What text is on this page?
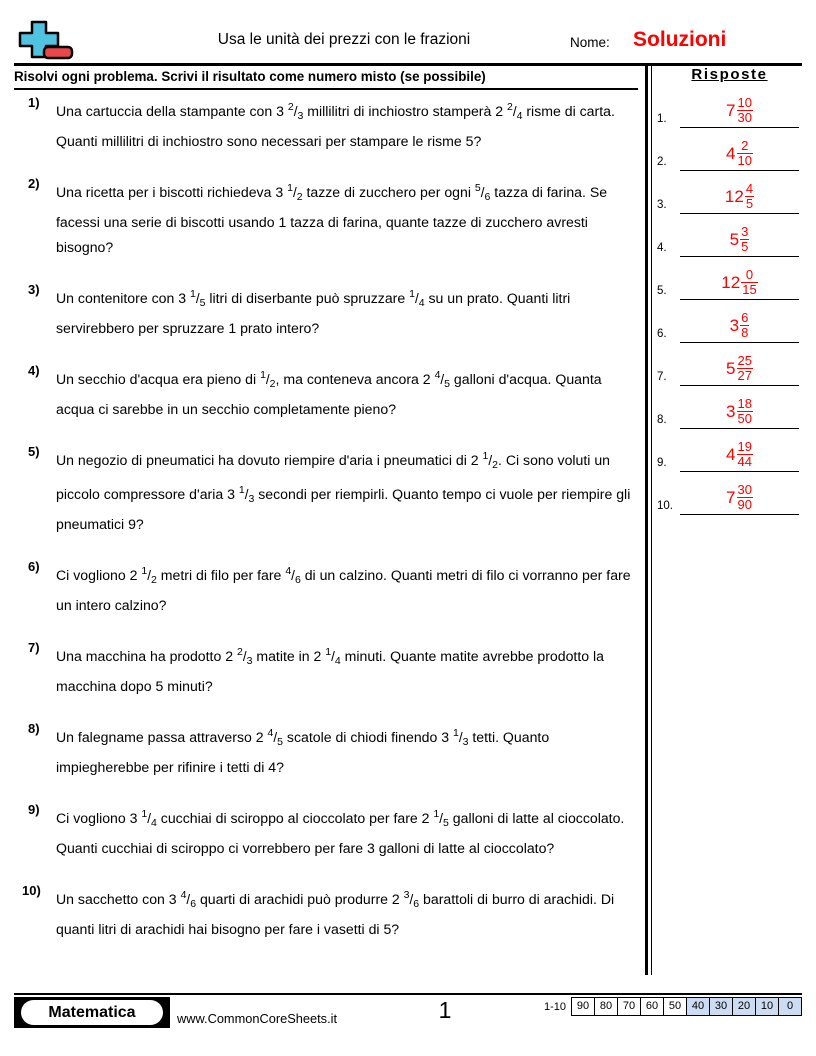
Usa le unità dei prezzi con le frazioni	Nome: Soluzioni
Risolvi ogni problema. Scrivi il risultato come numero misto (se possibile)
1)
Una cartuccia della stampante con 3 $^2/_3$ millilitri di inchiostro stamperà 2 $^2/_4$ risme di carta. Quanti millilitri di inchiostro sono necessari per stampare le risme 5?
2)
Una ricetta per i biscotti richiedeva 3 $^1/_2$ tazze di zucchero per ogni $^5/_6$ tazza di farina. Se facessi una serie di biscotti usando 1 tazza di farina, quante tazze di zucchero avresti bisogno?
3)
Un contenitore con 3 $^1/_5$ litri di diserbante può spruzzare $^1/_4$ su un prato. Quanti litri servirebbero per spruzzare 1 prato intero?
4)
Un secchio d'acqua era pieno di $^1/_2$, ma conteneva ancora 2 $^4/_5$ galloni d'acqua. Quanta acqua ci sarebbe in un secchio completamente pieno?
5)
Un negozio di pneumatici ha dovuto riempire d'aria i pneumatici di 2 $^1/_2$. Ci sono voluti un piccolo compressore d'aria 3 $^1/_3$ secondi per riempirli. Quanto tempo ci vuole per riempire gli pneumatici 9?
6)
Ci vogliono 2 $^1/_2$ metri di filo per fare $^4/_6$ di un calzino. Quanti metri di filo ci vorranno per fare un intero calzino?
7)
Una macchina ha prodotto 2 $^2/_3$ matite in 2 $^1/_4$ minuti. Quante matite avrebbe prodotto la macchina dopo 5 minuti?
8)
Un falegname passa attraverso 2 $^4/_5$ scatole di chiodi finendo 3 $^1/_3$ tetti. Quanto impiegherebbe per rifinire i tetti di 4?
9)
Ci vogliono 3 $^1/_4$ cucchiai di sciroppo al cioccolato per fare 2 $^1/_5$ galloni di latte al cioccolato. Quanti cucchiai di sciroppo ci vorrebbero per fare 3 galloni di latte al cioccolato?
10)
Un sacchetto con 3 $^4/_6$ quarti di arachidi può produrre 2 $^3/_6$ barattoli di burro di arachidi. Di quanti litri di arachidi hai bisogno per fare i vasetti di 5?
Risposte
1.	$7 \frac{10}{30}$
2.	$4 \frac{2}{10}$
3.	$12 \frac{4}{5}$
4.	$5 \frac{3}{5}$
5.	$12 \frac{0}{15}$
6.	$3 \frac{6}{8}$
7.	$5 \frac{25}{27}$
8.	$3 \frac{18}{50}$
9.	$4 \frac{19}{44}$
10.	$7 \frac{30}{90}$
Matematica	www.CommonCoreSheets.it	1	1-10 90 80 70 60 50 40 30 20 10	0
